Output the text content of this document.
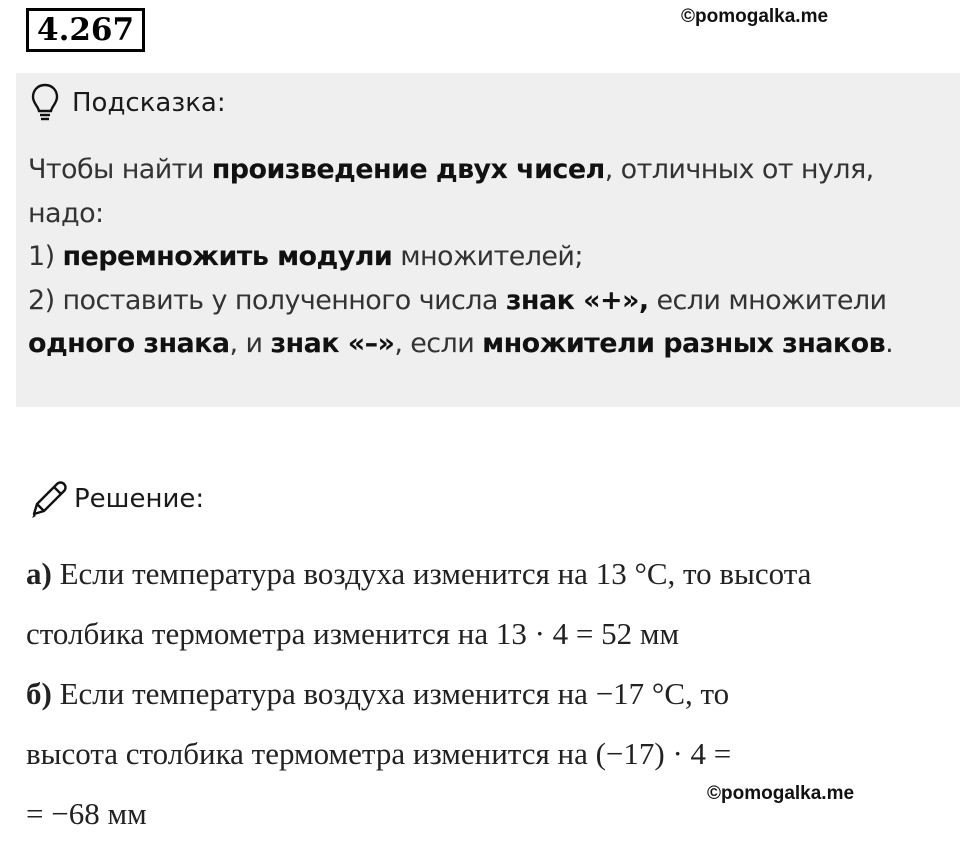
4.267	©pomogalka.me
Подсказка:
Чтобы найти произведение двух чисел, отличных от нуля,
надо:
1) перемножить модули множителей;
2) поставить у полученного числа знак «+», если множители
одного знака, и знак «–», если множители разных знаков.
Решение:
а) Если температура воздуха изменится на 13 °С, то высота
столбика термометра изменится на 13 · 4 = 52 мм
б) Если температура воздуха изменится на −17 °С, то
высота столбика термометра изменится на (−17) · 4 =
= −68 мм
©pomogalka.me
